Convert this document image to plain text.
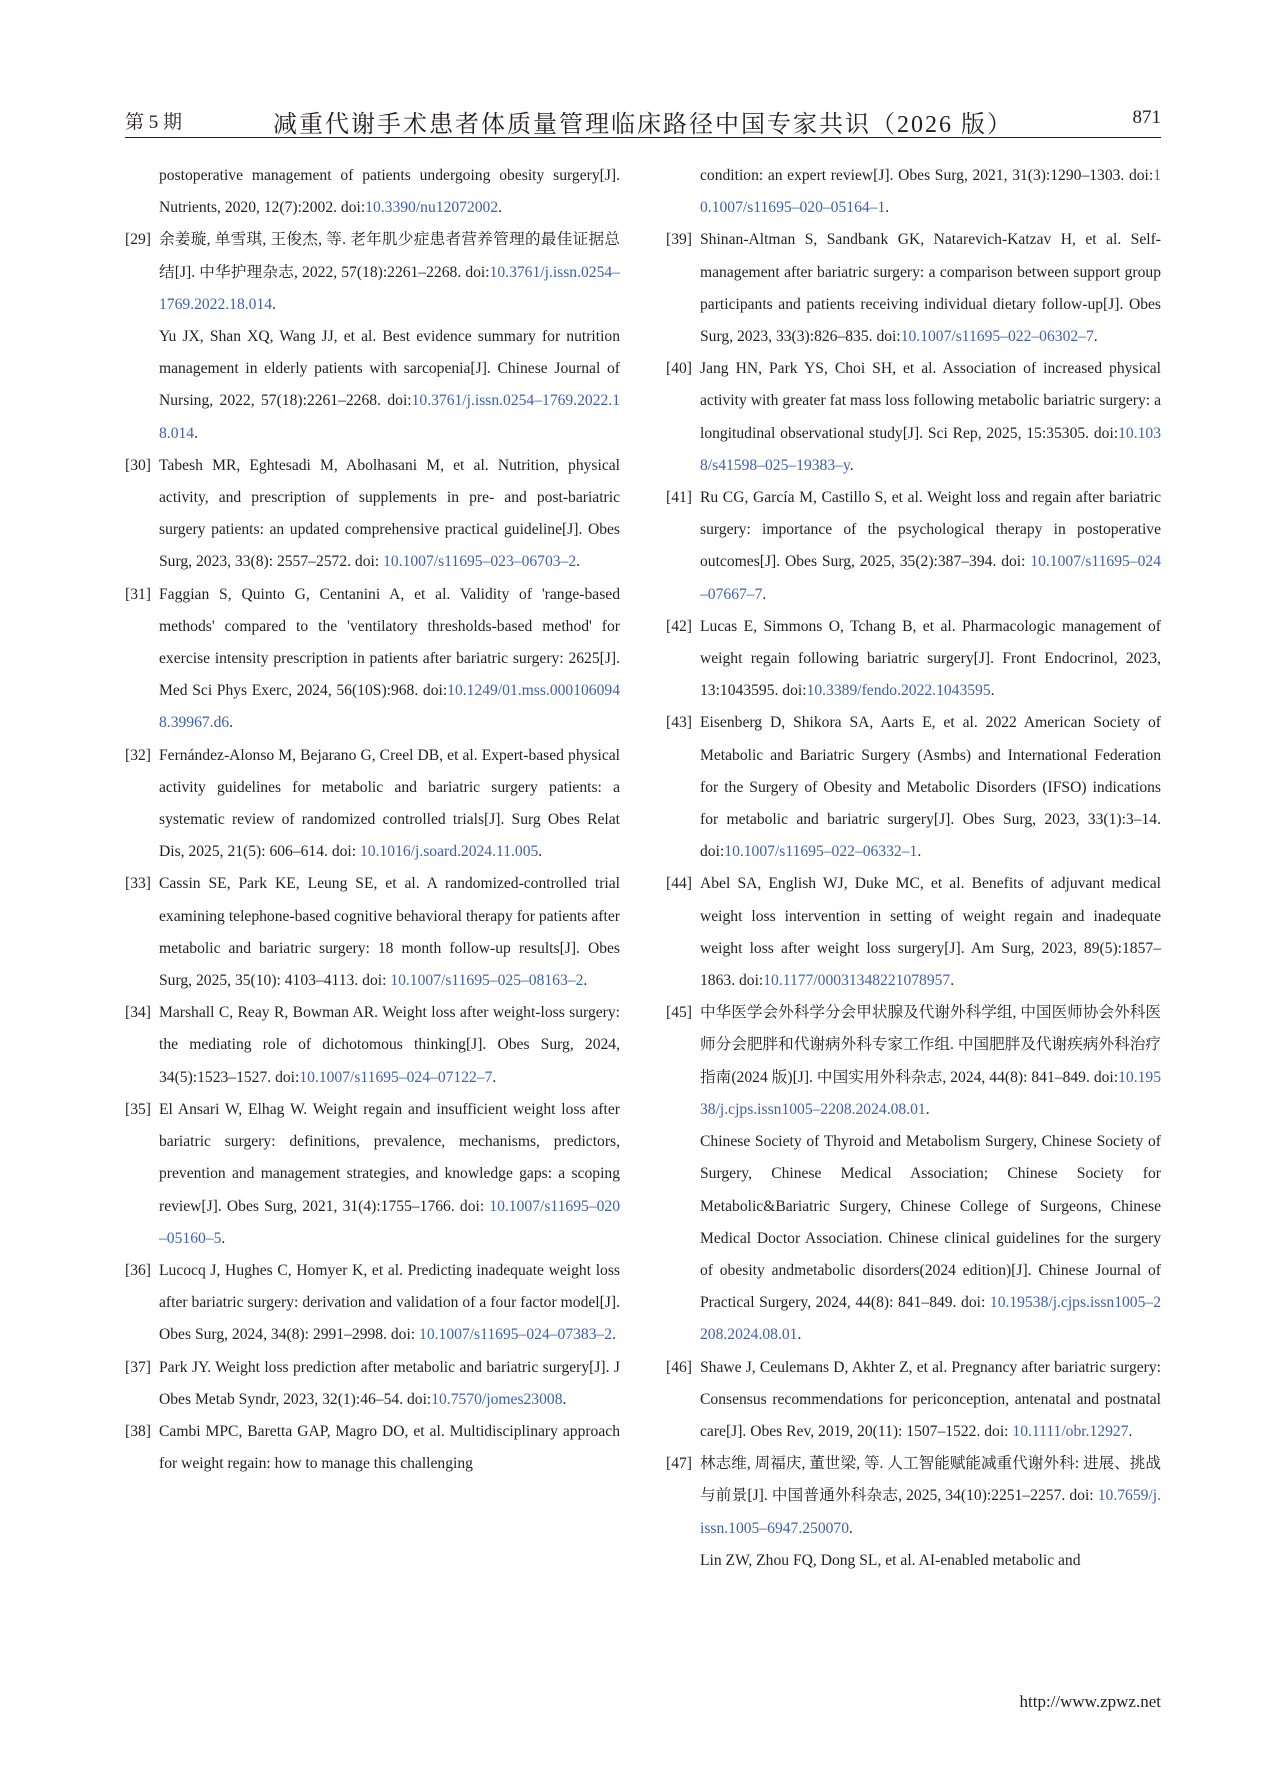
第 5 期	减重代谢手术患者体质量管理临床路径中国专家共识（2026 版）	871
postoperative management of patients undergoing obesity surgery[J]. Nutrients, 2020, 12(7):2002. doi:10.3390/nu12072002.
[29] 余姜璇, 单雪琪, 王俊杰, 等. 老年肌少症患者营养管理的最佳证据总结[J]. 中华护理杂志, 2022, 57(18):2261–2268. doi:10.3761/j.issn.0254–1769.2022.18.014.
Yu JX, Shan XQ, Wang JJ, et al. Best evidence summary for nutrition management in elderly patients with sarcopenia[J]. Chinese Journal of Nursing, 2022, 57(18):2261–2268. doi:10.3761/j.issn.0254–1769.2022.18.014.
[30] Tabesh MR, Eghtesadi M, Abolhasani M, et al. Nutrition, physical activity, and prescription of supplements in pre- and post-bariatric surgery patients: an updated comprehensive practical guideline[J]. Obes Surg, 2023, 33(8): 2557–2572. doi: 10.1007/s11695–023–06703–2.
[31] Faggian S, Quinto G, Centanini A, et al. Validity of 'range-based methods' compared to the 'ventilatory thresholds-based method' for exercise intensity prescription in patients after bariatric surgery: 2625[J]. Med Sci Phys Exerc, 2024, 56(10S):968. doi:10.1249/01.mss.0001060948.39967.d6.
[32] Fernández-Alonso M, Bejarano G, Creel DB, et al. Expert-based physical activity guidelines for metabolic and bariatric surgery patients: a systematic review of randomized controlled trials[J]. Surg Obes Relat Dis, 2025, 21(5): 606–614. doi: 10.1016/j.soard.2024.11.005.
[33] Cassin SE, Park KE, Leung SE, et al. A randomized-controlled trial examining telephone-based cognitive behavioral therapy for patients after metabolic and bariatric surgery: 18 month follow-up results[J]. Obes Surg, 2025, 35(10): 4103–4113. doi: 10.1007/s11695–025–08163–2.
[34] Marshall C, Reay R, Bowman AR. Weight loss after weight-loss surgery: the mediating role of dichotomous thinking[J]. Obes Surg, 2024, 34(5):1523–1527. doi:10.1007/s11695–024–07122–7.
[35] El Ansari W, Elhag W. Weight regain and insufficient weight loss after bariatric surgery: definitions, prevalence, mechanisms, predictors, prevention and management strategies, and knowledge gaps: a scoping review[J]. Obes Surg, 2021, 31(4):1755–1766. doi: 10.1007/s11695–020–05160–5.
[36] Lucocq J, Hughes C, Homyer K, et al. Predicting inadequate weight loss after bariatric surgery: derivation and validation of a four factor model[J]. Obes Surg, 2024, 34(8): 2991–2998. doi: 10.1007/s11695–024–07383–2.
[37] Park JY. Weight loss prediction after metabolic and bariatric surgery[J]. J Obes Metab Syndr, 2023, 32(1):46–54. doi:10.7570/jomes23008.
[38] Cambi MPC, Baretta GAP, Magro DO, et al. Multidisciplinary approach for weight regain: how to manage this challenging
condition: an expert review[J]. Obes Surg, 2021, 31(3):1290–1303. doi:10.1007/s11695–020–05164–1.
[39] Shinan-Altman S, Sandbank GK, Natarevich-Katzav H, et al. Self-management after bariatric surgery: a comparison between support group participants and patients receiving individual dietary follow-up[J]. Obes Surg, 2023, 33(3):826–835. doi:10.1007/s11695–022–06302–7.
[40] Jang HN, Park YS, Choi SH, et al. Association of increased physical activity with greater fat mass loss following metabolic bariatric surgery: a longitudinal observational study[J]. Sci Rep, 2025, 15:35305. doi:10.1038/s41598–025–19383–y.
[41] Ru CG, García M, Castillo S, et al. Weight loss and regain after bariatric surgery: importance of the psychological therapy in postoperative outcomes[J]. Obes Surg, 2025, 35(2):387–394. doi: 10.1007/s11695–024–07667–7.
[42] Lucas E, Simmons O, Tchang B, et al. Pharmacologic management of weight regain following bariatric surgery[J]. Front Endocrinol, 2023, 13:1043595. doi:10.3389/fendo.2022.1043595.
[43] Eisenberg D, Shikora SA, Aarts E, et al. 2022 American Society of Metabolic and Bariatric Surgery (Asmbs) and International Federation for the Surgery of Obesity and Metabolic Disorders (IFSO) indications for metabolic and bariatric surgery[J]. Obes Surg, 2023, 33(1):3–14. doi:10.1007/s11695–022–06332–1.
[44] Abel SA, English WJ, Duke MC, et al. Benefits of adjuvant medical weight loss intervention in setting of weight regain and inadequate weight loss after weight loss surgery[J]. Am Surg, 2023, 89(5):1857–1863. doi:10.1177/00031348221078957.
[45] 中华医学会外科学分会甲状腺及代谢外科学组, 中国医师协会外科医师分会肥胖和代谢病外科专家工作组. 中国肥胖及代谢疾病外科治疗指南(2024 版)[J]. 中国实用外科杂志, 2024, 44(8): 841–849. doi:10.19538/j.cjps.issn1005–2208.2024.08.01.
Chinese Society of Thyroid and Metabolism Surgery, Chinese Society of Surgery, Chinese Medical Association; Chinese Society for Metabolic&Bariatric Surgery, Chinese College of Surgeons, Chinese Medical Doctor Association. Chinese clinical guidelines for the surgery of obesity andmetabolic disorders(2024 edition)[J]. Chinese Journal of Practical Surgery, 2024, 44(8): 841–849. doi: 10.19538/j.cjps.issn1005–2208.2024.08.01.
[46] Shawe J, Ceulemans D, Akhter Z, et al. Pregnancy after bariatric surgery: Consensus recommendations for periconception, antenatal and postnatal care[J]. Obes Rev, 2019, 20(11): 1507–1522. doi: 10.1111/obr.12927.
[47] 林志维, 周福庆, 董世梁, 等. 人工智能赋能减重代谢外科: 进展、挑战与前景[J]. 中国普通外科杂志, 2025, 34(10):2251–2257. doi: 10.7659/j.issn.1005–6947.250070.
Lin ZW, Zhou FQ, Dong SL, et al. AI-enabled metabolic and
http://www.zpwz.net
